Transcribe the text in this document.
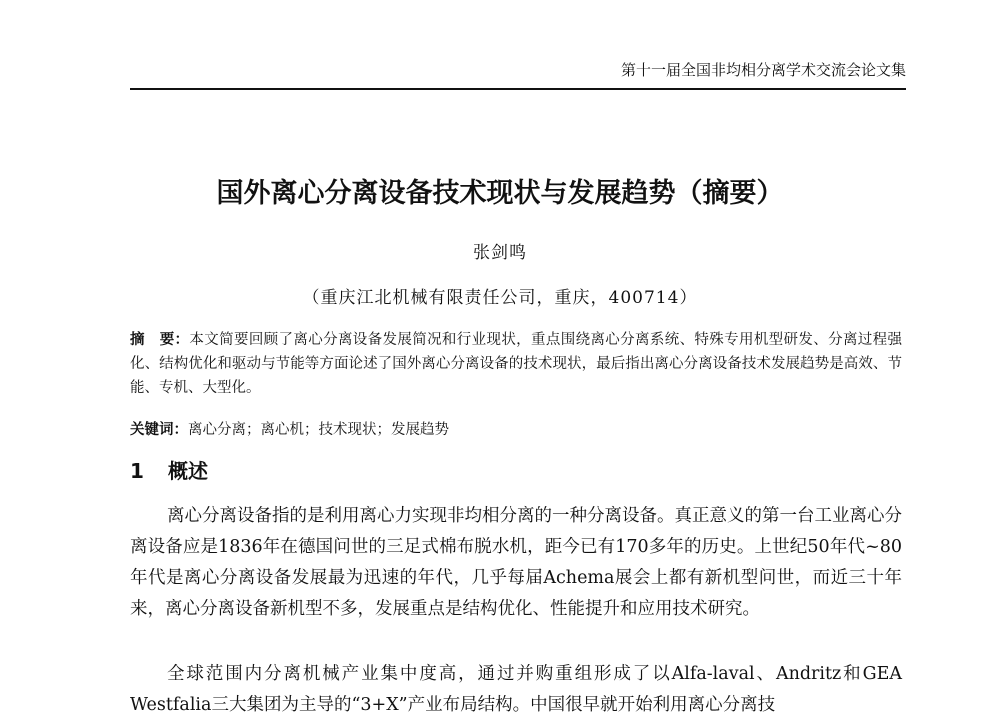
第十一届全国非均相分离学术交流会论文集
国外离心分离设备技术现状与发展趋势（摘要）
张剑鸣
（重庆江北机械有限责任公司，重庆，400714）

摘　要：本文简要回顾了离心分离设备发展简况和行业现状，重点围绕离心分离系统、特殊专用机型研发、分离过程强化、结构优化和驱动与节能等方面论述了国外离心分离设备的技术现状，最后指出离心分离设备技术发展趋势是高效、节能、专机、大型化。

关键词：离心分离；离心机；技术现状；发展趋势

1 概述

离心分离设备指的是利用离心力实现非均相分离的一种分离设备。真正意义的第一台工业离心分离设备应是1836年在德国问世的三足式棉布脱水机，距今已有170多年的历史。上世纪50年代~80年代是离心分离设备发展最为迅速的年代，几乎每届Achema展会上都有新机型问世，而近三十年来，离心分离设备新机型不多，发展重点是结构优化、性能提升和应用技术研究。

全球范围内分离机械产业集中度高，通过并购重组形成了以Alfa-laval、Andritz和GEA Westfalia三大集团为主导的“3+X”产业布局结构。中国很早就开始利用离心分离技
